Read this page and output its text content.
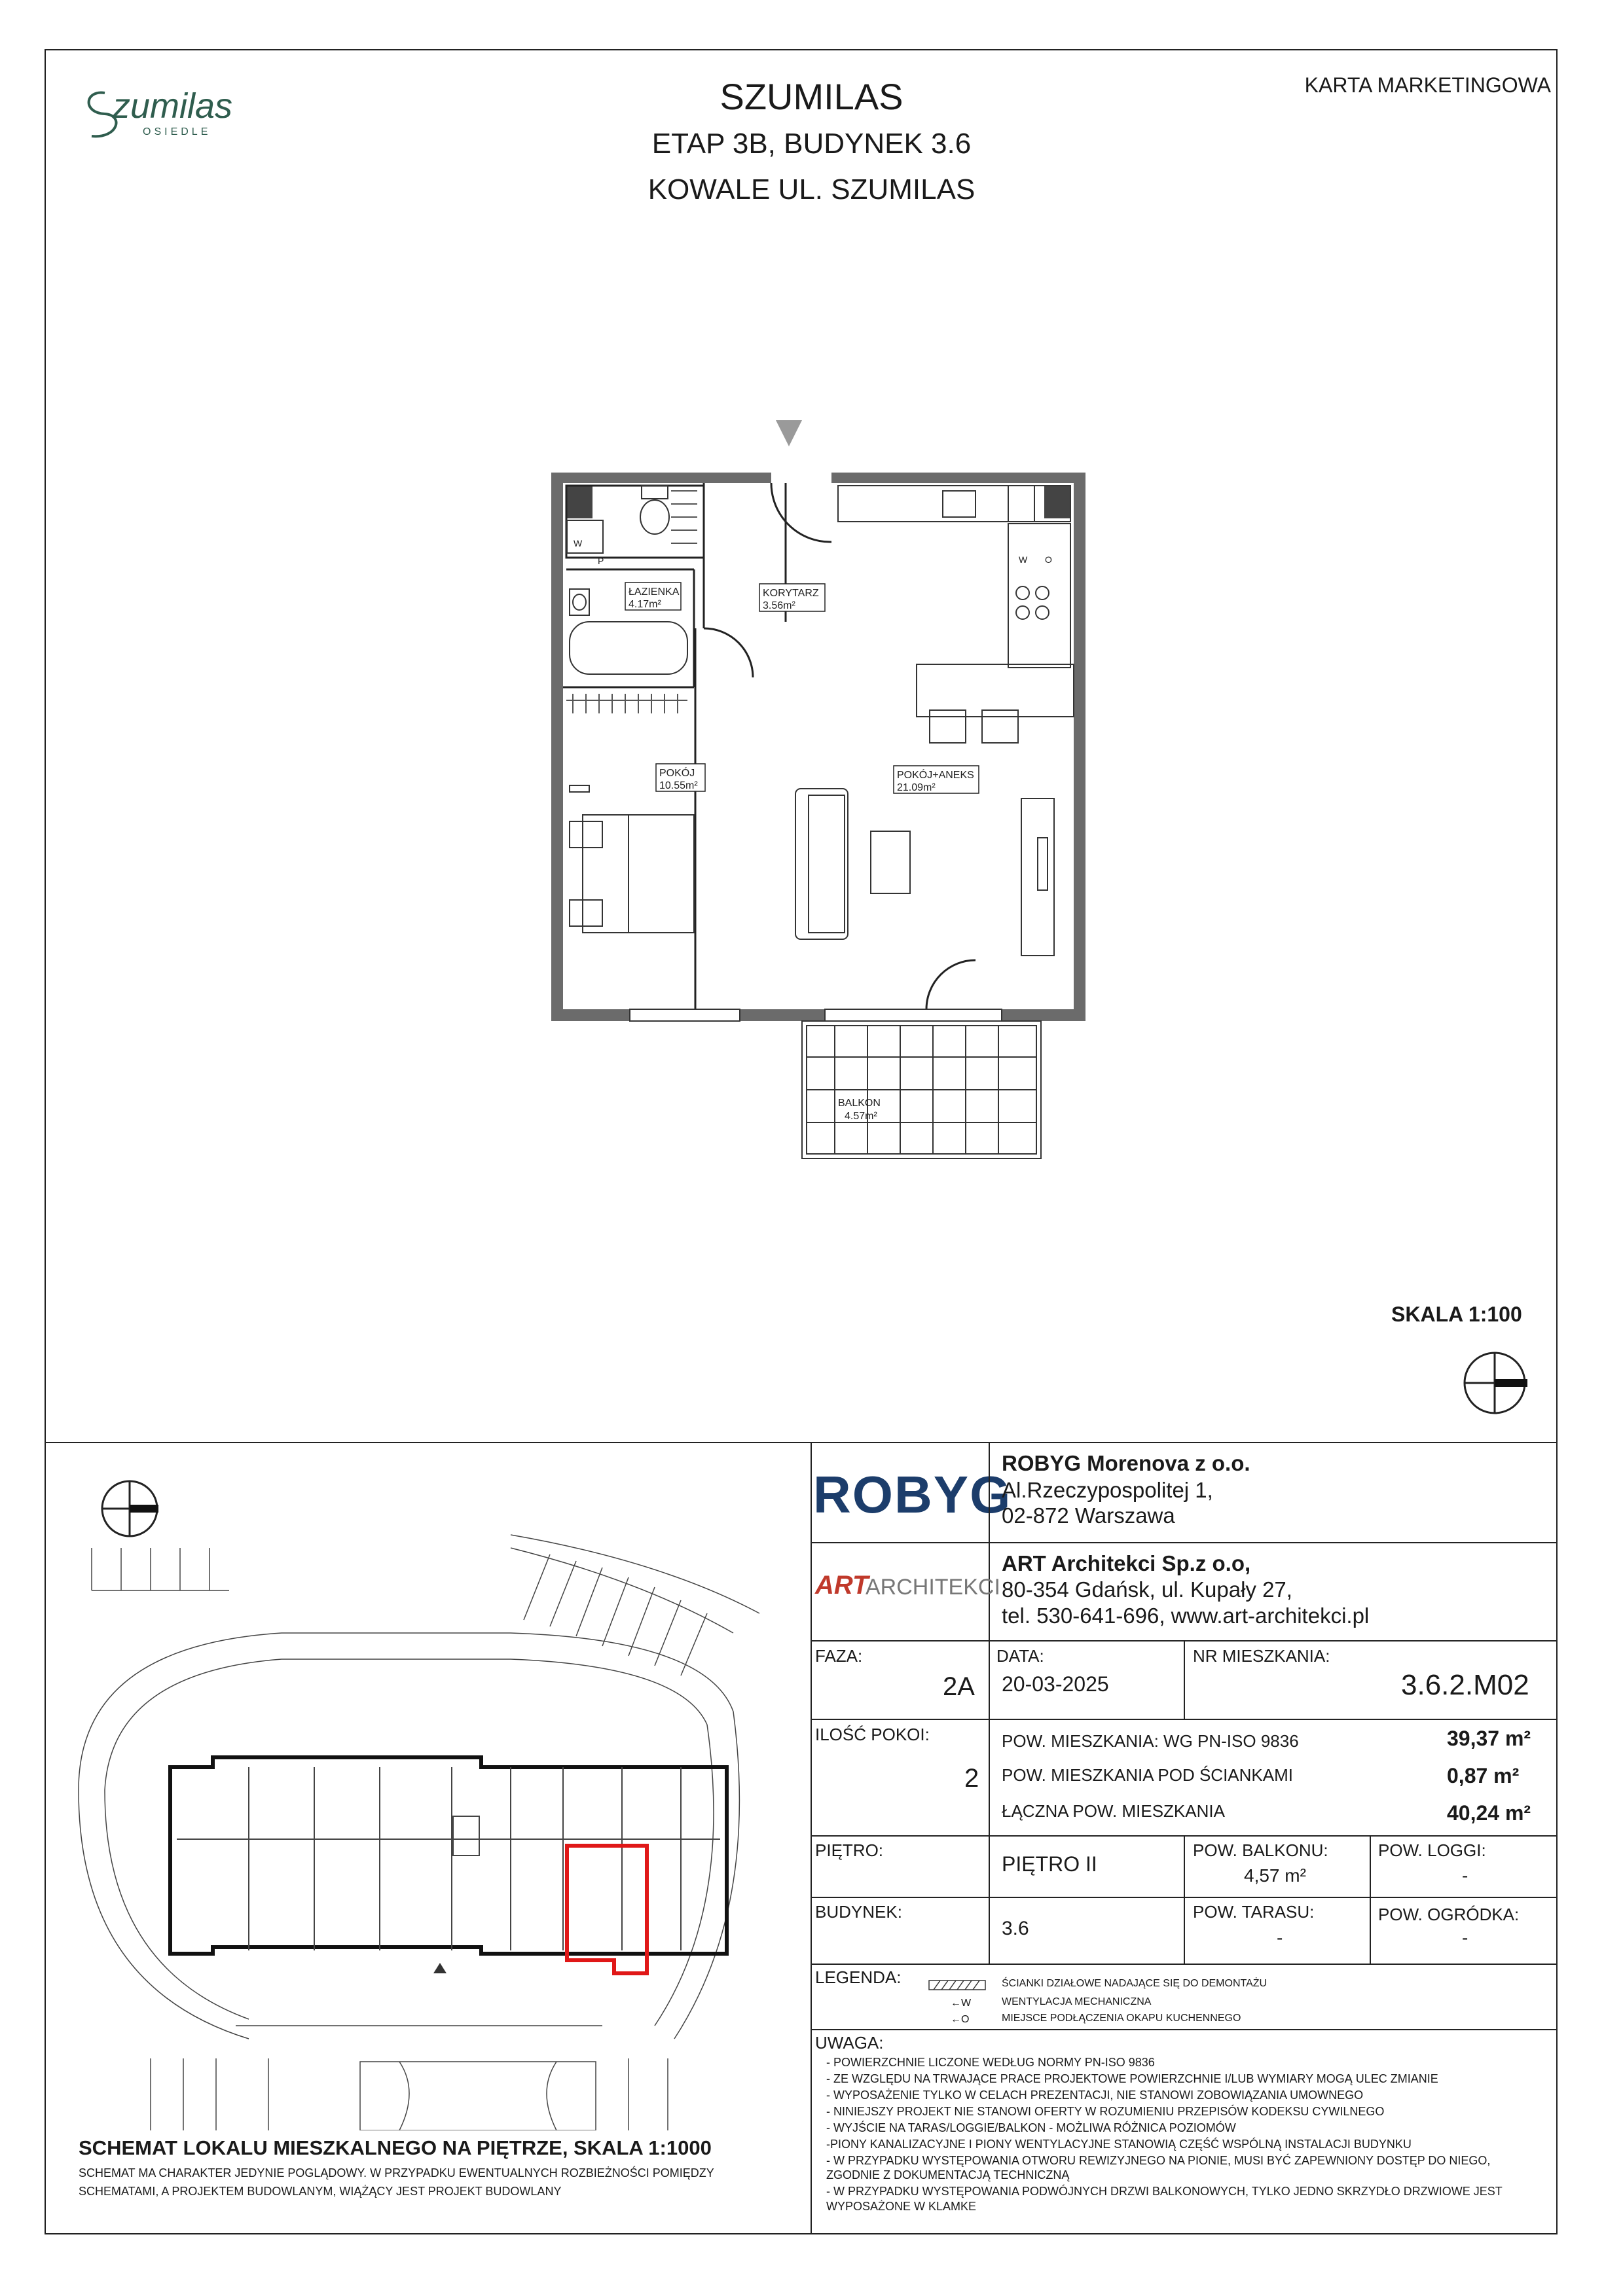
zumilas
OSIEDLE
SZUMILAS
ETAP 3B, BUDYNEK 3.6
KOWALE UL. SZUMILAS
KARTA MARKETINGOWA
ŁAZIENKA
4.17m²
KORYTARZ
3.56m²
POKÓJ
10.55m²
POKÓJ+ANEKS
21.09m²
BALKON
4.57m²
W
P	W O
SKALA 1:100
SCHEMAT LOKALU MIESZKALNEGO NA PIĘTRZE, SKALA 1:1000
SCHEMAT MA CHARAKTER JEDYNIE POGLĄDOWY. W PRZYPADKU EWENTUALNYCH ROZBIEŻNOŚCI POMIĘDZY
SCHEMATAMI, A PROJEKTEM BUDOWLANYM, WIĄŻĄCY JEST PROJEKT BUDOWLANY
ROBYG
ROBYG Morenova z o.o.
Al.Rzeczypospolitej 1,
02-872 Warszawa
ART
ARCHITEKCI
ART Architekci Sp.z o.o,
80-354 Gdańsk, ul. Kupały 27,
tel. 530-641-696, www.art-architekci.pl
FAZA:
2A
DATA:
20-03-2025
NR MIESZKANIA:
3.6.2.M02
ILOŚĆ POKOI:
2
POW. MIESZKANIA: WG PN-ISO 9836	39,37 m²
POW. MIESZKANIA POD ŚCIANKAMI	0,87 m²
ŁĄCZNA POW. MIESZKANIA	40,24 m²
PIĘTRO:
PIĘTRO II
POW. BALKONU:
4,57 m²
POW. LOGGI:
-
BUDYNEK:
3.6
POW. TARASU:
-
POW. OGRÓDKA:
-
LEGENDA:	ŚCIANKI DZIAŁOWE NADAJĄCE SIĘ DO DEMONTAŻU
←W	WENTYLACJA MECHANICZNA
←O	MIEJSCE PODŁĄCZENIA OKAPU KUCHENNEGO
UWAGA:
- POWIERZCHNIE LICZONE WEDŁUG NORMY PN-ISO 9836
- ZE WZGLĘDU NA TRWAJĄCE PRACE PROJEKTOWE POWIERZCHNIE I/LUB WYMIARY MOGĄ ULEC ZMIANIE
- WYPOSAŻENIE TYLKO W CELACH PREZENTACJI, NIE STANOWI ZOBOWIĄZANIA UMOWNEGO
- NINIEJSZY PROJEKT NIE STANOWI OFERTY W ROZUMIENIU PRZEPISÓW KODEKSU CYWILNEGO
- WYJŚCIE NA TARAS/LOGGIE/BALKON - MOŻLIWA RÓŻNICA POZIOMÓW
-PIONY KANALIZACYJNE I PIONY WENTYLACYJNE STANOWIĄ CZĘŚĆ WSPÓLNĄ INSTALACJI BUDYNKU
- W PRZYPADKU WYSTĘPOWANIA OTWORU REWIZYJNEGO NA PIONIE, MUSI BYĆ ZAPEWNIONY DOSTĘP DO NIEGO,
ZGODNIE Z DOKUMENTACJĄ TECHNICZNĄ
- W PRZYPADKU WYSTĘPOWANIA PODWÓJNYCH DRZWI BALKONOWYCH, TYLKO JEDNO SKRZYDŁO DRZWIOWE JEST
WYPOSAŻONE W KLAMKE
